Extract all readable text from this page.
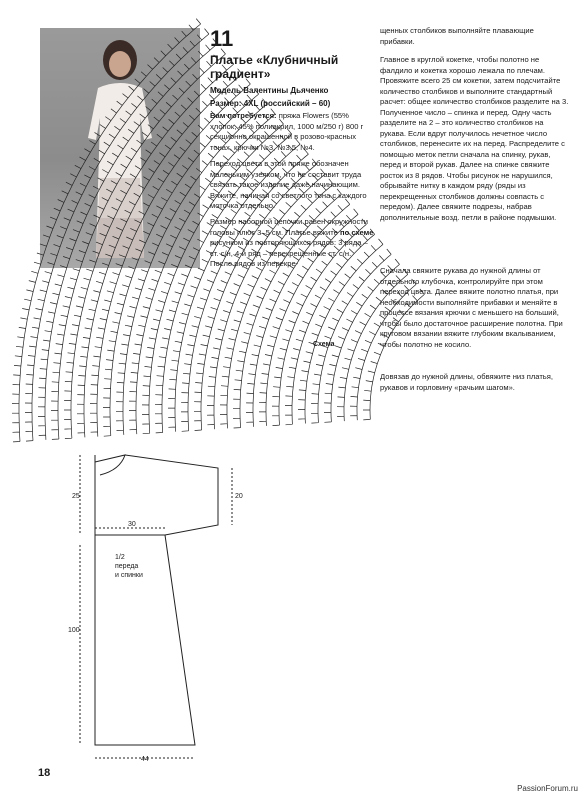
11
Платье «Клубничный градиент»

Модель Валентины Дьяченко

Размер: 4XL (российский – 60)

Вам потребуется: пряжа Flowers (55% хлопок, 45% полиакрил, 1000 м/250 г) 800 г секционно окрашенной в розово-красных тонах, крючки №3, №3,5, №4.

Переход цвета в этой пряже обозначен маленьким узелком, что не составит труда связать такое изделие даже начинающим. Вяжите, начиная со светлого тона с каждого моточка отдельно.

Размер наборной цепочки равен окружности головы плюс 3–5 см. Платье вяжите по схеме рисунком из повторяющихся рядов: 3 ряда – ст. с/н, 4-й ряд – перекрещенные ст. с/н. После рядов из перекре-

щенных столбиков выполняйте плавающие прибавки.

Главное в круглой кокетке, чтобы полотно не фалдило и кокетка хорошо лежала по плечам. Провяжите всего 25 см кокетки, затем подсчитайте количество столбиков и выполните стандартный расчет: общее количество столбиков разделите на 3. Полученное число – спинка и перед. Одну часть разделите на 2 – это количество столбиков на рукава. Если вдруг получилось нечетное число столбиков, перенесите их на перед. Распределите с помощью меток петли сначала на спинку, рукав, перед и второй рукав. Далее на спинке свяжите росток из 8 рядов. Чтобы рисунок не нарушился, обрывайте нитку в каждом ряду (ряды из перекрещенных столбиков должны совпасть с передом). Далее свяжите подрезы, набрав дополнительные возд. петли в районе подмышки.

Сначала свяжите рукава до нужной длины от отдельного клубочка, контролируйте при этом переход цвета. Далее вяжите полотно платья, при необходимости выполняйте прибавки и меняйте в процессе вязания крючки с меньшего на больший, чтобы было достаточное расширение полотна. При круговом вязании вяжите глубоким вкалыванием, чтобы полотно не косило.

Довязав до нужной длины, обвяжите низ платья, рукавов и горловину «рачьим шагом».

Схема
25	20
30
100
44
1/2
переда
и спинки
18
PassionForum.ru
